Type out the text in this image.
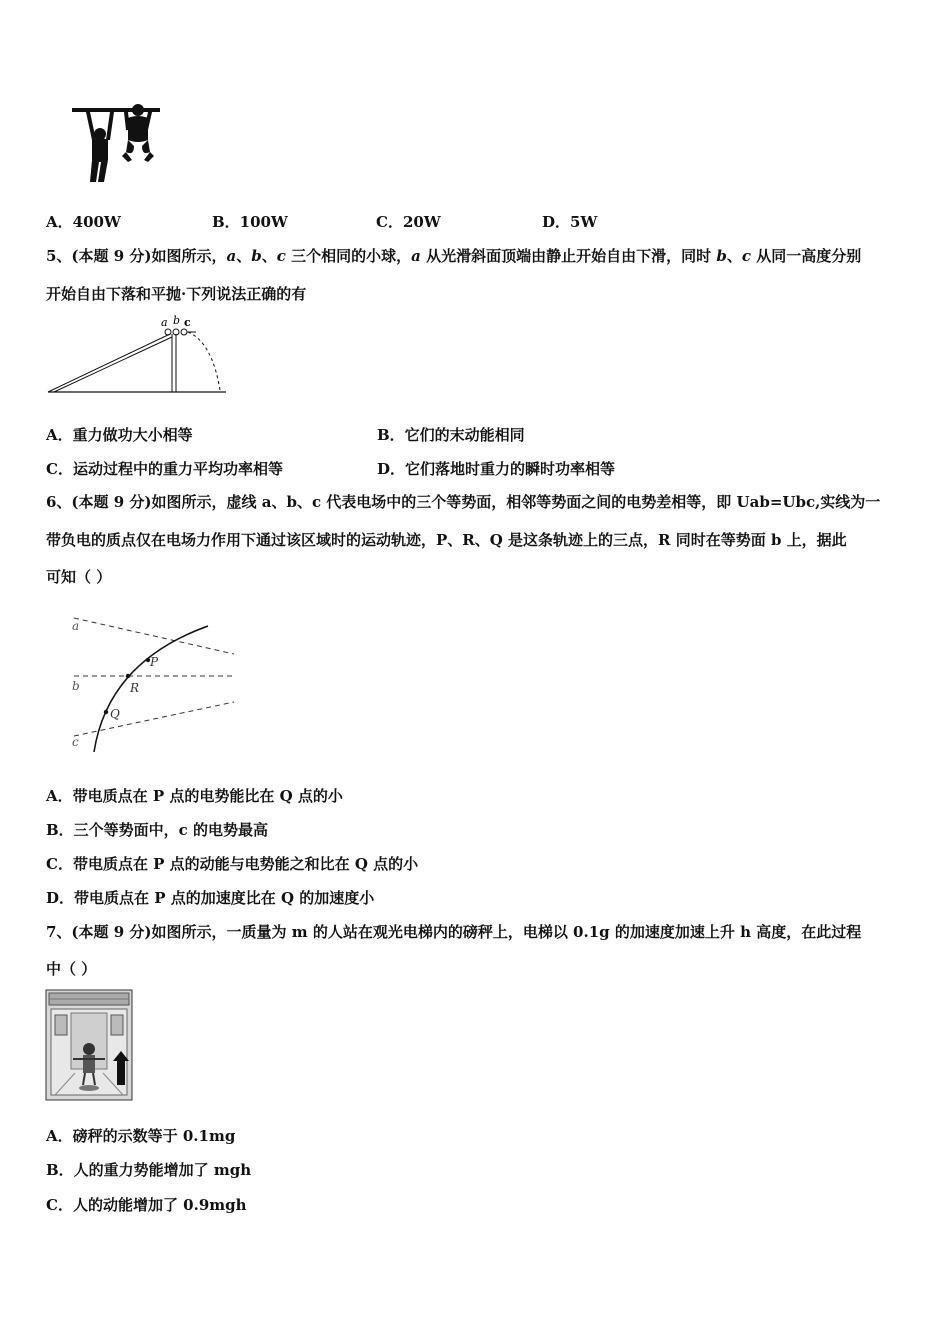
A．400W	B．100W	C．20W	D．5W
5、(本题 9 分)如图所示，a、b、c 三个相同的小球，a 从光滑斜面顶端由静止开始自由下滑，同时 b、c 从同一高度分别
开始自由下落和平抛·下列说法正确的有
a b c
A．重力做功大小相等	B．它们的末动能相同
C．运动过程中的重力平均功率相等	D．它们落地时重力的瞬时功率相等
6、(本题 9 分)如图所示，虚线 a、b、c 代表电场中的三个等势面，相邻等势面之间的电势差相等，即 Uab=Ubc,实线为一
带负电的质点仅在电场力作用下通过该区域时的运动轨迹，P、R、Q 是这条轨迹上的三点，R 同时在等势面 b 上，据此
可知（ ）
a
b
c
P
R
Q
A．带电质点在 P 点的电势能比在 Q 点的小
B．三个等势面中，c 的电势最高
C．带电质点在 P 点的动能与电势能之和比在 Q 点的小
D．带电质点在 P 点的加速度比在 Q 的加速度小
7、(本题 9 分)如图所示，一质量为 m 的人站在观光电梯内的磅秤上，电梯以 0.1g 的加速度加速上升 h 高度，在此过程
中（ ）
A．磅秤的示数等于 0.1mg
B．人的重力势能增加了 mgh
C．人的动能增加了 0.9mgh
